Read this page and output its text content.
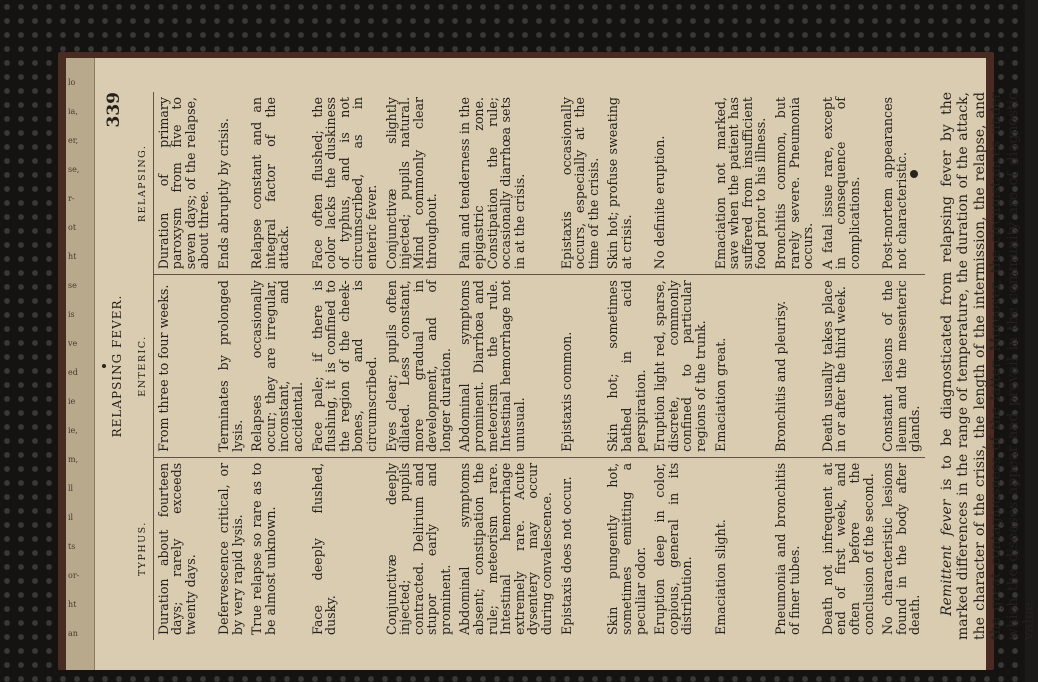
lo
ia,
er,
se,
r-
ot
ht
se
is
ve
ed
ie
ie,
m,
ll
il
ts
or-
ht
an
RELAPSING FEVER.
339
TYPHUS.
ENTERIC.
RELAPSING.
Duration about fourteen days; rarely exceeds twenty days.	From three to four weeks.	Duration of primary paroxysm from five to seven days; of the relapse, about three.
Defervescence critical, or by very rapid lysis.	Terminates by prolonged lysis.	Ends abruptly by crisis.
True relapse so rare as to be almost unknown.	Relapses occasionally occur; they are irregular, inconstant, and accidental.	Relapse constant and an integral factor of the attack.
Face deeply flushed, dusky.	Face pale; if there is flushing, it is confined to the region of the cheek-bones, and is circumscribed.	Face often flushed; the color lacks the duskiness of typhus, and is not circumscribed, as in enteric fever.
Conjunctivæ deeply injected; pupils contracted. Delirium and stupor early and prominent.	Eyes clear; pupils often dilated. Less constant, more gradual in development, and of longer duration.	Conjunctivæ slightly injected; pupils natural. Mind commonly clear throughout.
Abdominal symptoms absent; constipation the rule; meteorism rare. Intestinal hemorrhage extremely rare. Acute dysentery may occur during convalescence.	Abdominal symptoms prominent. Diarrhœa and meteorism the rule. Intestinal hemorrhage not unusual.	Pain and tenderness in the epigastric zone. Constipation the rule; occasionally diarrhœa sets in at the crisis.
Epistaxis does not occur.	Epistaxis common.	Epistaxis occasionally occurs, especially at the time of the crisis.
Skin pungently hot, sometimes emitting a peculiar odor.	Skin hot; sometimes bathed in acid perspiration.	Skin hot; profuse sweating at crisis.
Eruption deep in color, copious, general in its distribution.	Eruption light red, sparse, discrete, commonly confined to particular regions of the trunk.	No definite eruption.
Emaciation slight.	Emaciation great.	Emaciation not marked, save when the patient has suffered from insufficient food prior to his illness.
Pneumonia and bronchitis of finer tubes.	Bronchitis and pleurisy.	Bronchitis common, but rarely severe. Pneumonia occurs.
Death not infrequent at end of first week, and often before the conclusion of the second.	Death usually takes place in or after the third week.	A fatal issue rare, except in consequence of complications.
No characteristic lesions found in the body after death.	Constant lesions of the ileum and the mesenteric glands.	Post-mortem appearances not characteristic.

Remittent fever is to be diagnosticated from relapsing fever by the marked differences in the range of temperature, the duration of the attack, the character of the crisis, the length of the intermission, the relapse, and the great contagiousness of the latter. Moreover, the circumstances under which the diseases appear and prevail in the community are of diagnostic value.
